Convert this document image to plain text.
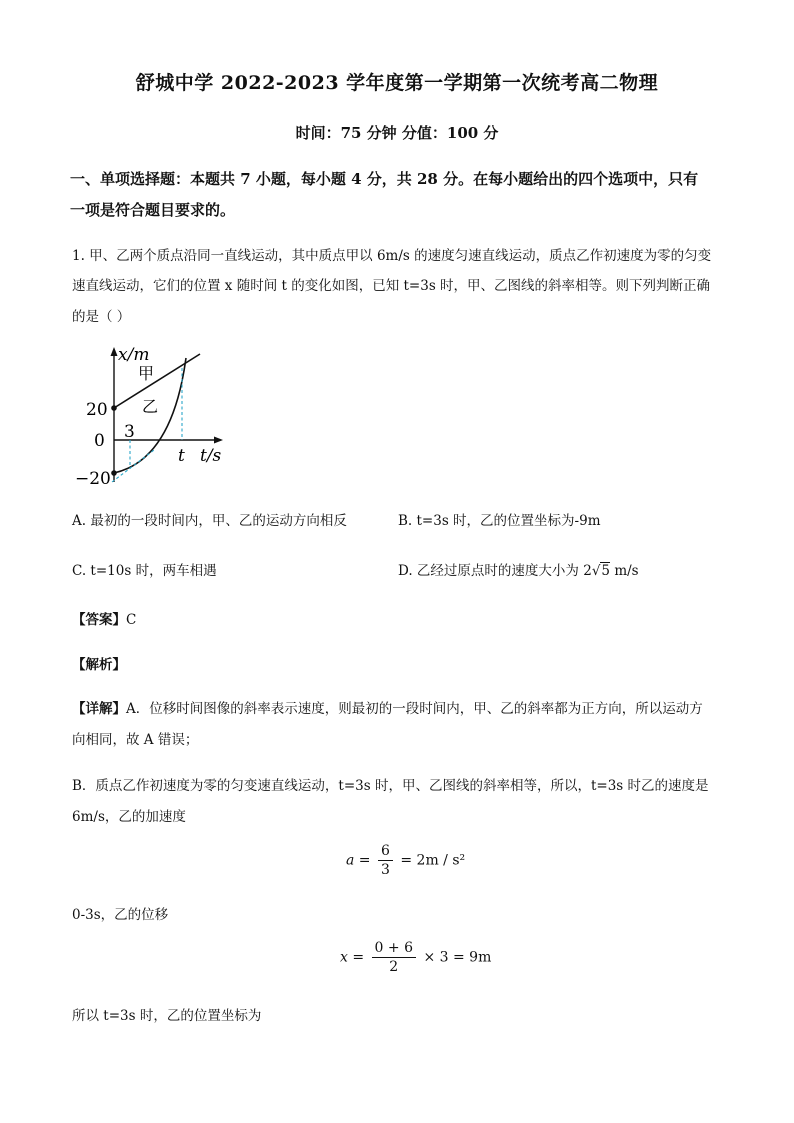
舒城中学 2022-2023 学年度第一学期第一次统考高二物理
时间：75 分钟 分值：100 分
一、单项选择题：本题共 7 小题，每小题 4 分，共 28 分。在每小题给出的四个选项中，只有
一项是符合题目要求的。
1. 甲、乙两个质点沿同一直线运动，其中质点甲以 6m/s 的速度匀速直线运动，质点乙作初速度为零的匀变
速直线运动，它们的位置 x 随时间 t 的变化如图，已知 t=3s 时，甲、乙图线的斜率相等。则下列判断正确
的是（ ）
x/m
甲
乙
20
0
−20
3
t t/s
A. 最初的一段时间内，甲、乙的运动方向相反	B. t=3s 时，乙的位置坐标为-9m
C. t=10s 时，两车相遇	D. 乙经过原点时的速度大小为 2√5 m/s
【答案】C
【解析】
【详解】A．位移时间图像的斜率表示速度，则最初的一段时间内，甲、乙的斜率都为正方向，所以运动方
向相同，故 A 错误；
B．质点乙作初速度为零的匀变速直线运动，t=3s 时，甲、乙图线的斜率相等，所以，t=3s 时乙的速度是
6m/s，乙的加速度
$a = \frac{6}{3} = 2m / s^2$
0-3s，乙的位移
$x = \frac{0 + 6}{2} \times 3 = 9m$
所以 t=3s 时，乙的位置坐标为
